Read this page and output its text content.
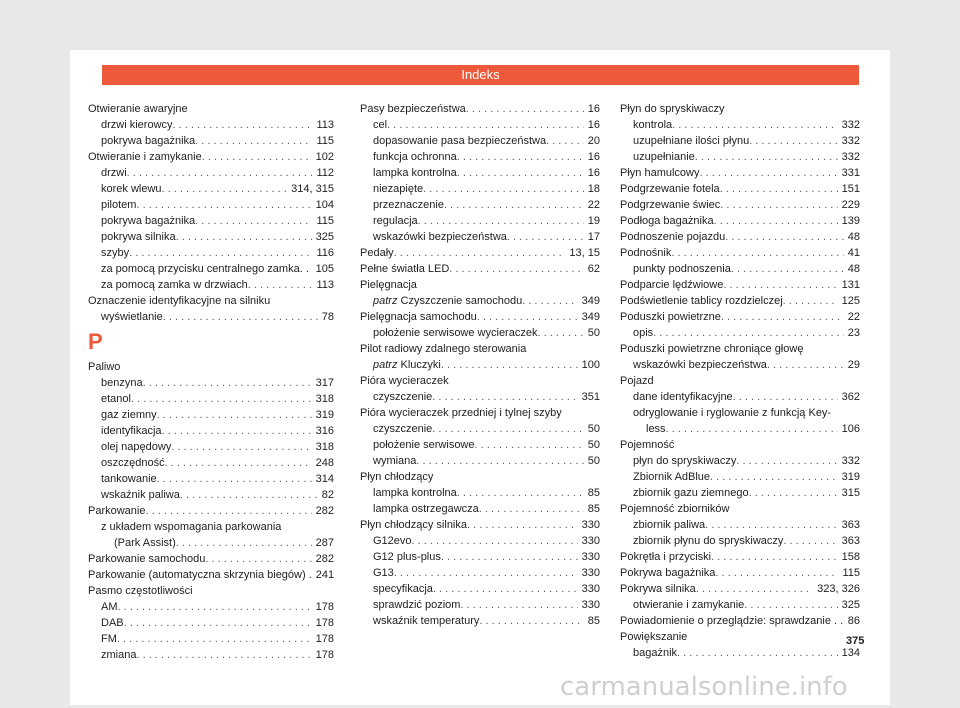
Indeks
Otwieranie awaryjne
drzwi kierowcy . . .	113
pokrywa bagażnika . . .	115
Otwieranie i zamykanie . . .	102
drzwi . . .	112
korek wlewu . . .	314, 315
pilotem . . .	104
pokrywa bagażnika . . .	115
pokrywa silnika . . .	325
szyby . . .	116
za pomocą przycisku centralnego zamka. . 105
za pomocą zamka w drzwiach . . .	113
Oznaczenie identyfikacyjne na silniku
wyświetlanie . . .	78
P
Paliwo
benzyna . . .	317
etanol . . .	318
gaz ziemny . . .	319
identyfikacja . . .	316
olej napędowy . . .	318
oszczędność . . .	248
tankowanie . . .	314
wskaźnik paliwa . . .	82
Parkowanie . . .	282
z układem wspomagania parkowania
(Park Assist) . . .	287
Parkowanie samochodu . . .	282
Parkowanie (automatyczna skrzynia biegów) . 241
Pasmo częstotliwości
AM . . .	178
DAB . . .	178
FM . . .	178
zmiana . . .	178
Pasy bezpieczeństwa . . .	16
cel . . .	16
dopasowanie pasa bezpieczeństwa . . .	20
funkcja ochronna . . .	16
lampka kontrolna . . .	16
niezapięte . . .	18
przeznaczenie . . .	22
regulacja . . .	19
wskazówki bezpieczeństwa . . .	17
Pedały . . .	13, 15
Pełne światła LED . . .	62
Pielęgnacja
patrz Czyszczenie samochodu . . .	349
Pielęgnacja samochodu . . .	349
położenie serwisowe wycieraczek . . .	50
Pilot radiowy zdalnego sterowania
patrz Kluczyki . . .	100
Pióra wycieraczek
czyszczenie . . .	351
Pióra wycieraczek przedniej i tylnej szyby
czyszczenie . . .	50
położenie serwisowe . . .	50
wymiana . . .	50
Płyn chłodzący
lampka kontrolna . . .	85
lampka ostrzegawcza . . .	85
Płyn chłodzący silnika . . .	330
G12evo . . .	330
G12 plus-plus . . .	330
G13 . . .	330
specyfikacja . . .	330
sprawdzić poziom . . .	330
wskaźnik temperatury . . .	85
Płyn do spryskiwaczy
kontrola . . .	332
uzupełniane ilości płynu . . .	332
uzupełnianie . . .	332
Płyn hamulcowy . . .	331
Podgrzewanie fotela . . .	151
Podgrzewanie świec . . .	229
Podłoga bagażnika . . .	139
Podnoszenie pojazdu . . .	48
Podnośnik . . .	41
punkty podnoszenia . . .	48
Podparcie lędźwiowe . . .	131
Podświetlenie tablicy rozdzielczej . . .	125
Poduszki powietrzne . . .	22
opis . . .	23
Poduszki powietrzne chroniące głowę
wskazówki bezpieczeństwa . . .	29
Pojazd
dane identyfikacyjne . . .	362
odryglowanie i ryglowanie z funkcją Key-
less . . .	106
Pojemność
płyn do spryskiwaczy . . .	332
Zbiornik AdBlue . . .	319
zbiornik gazu ziemnego . . .	315
Pojemność zbiorników
zbiornik paliwa . . .	363
zbiornik płynu do spryskiwaczy . . .	363
Pokrętła i przyciski . . .	158
Pokrywa bagażnika . . .	115
Pokrywa silnika . . .	323, 326
otwieranie i zamykanie . . .	325
Powiadomienie o przeglądzie: sprawdzanie . . 86
Powiększanie
bagażnik . . .	134
375
carmanualsonline.info
